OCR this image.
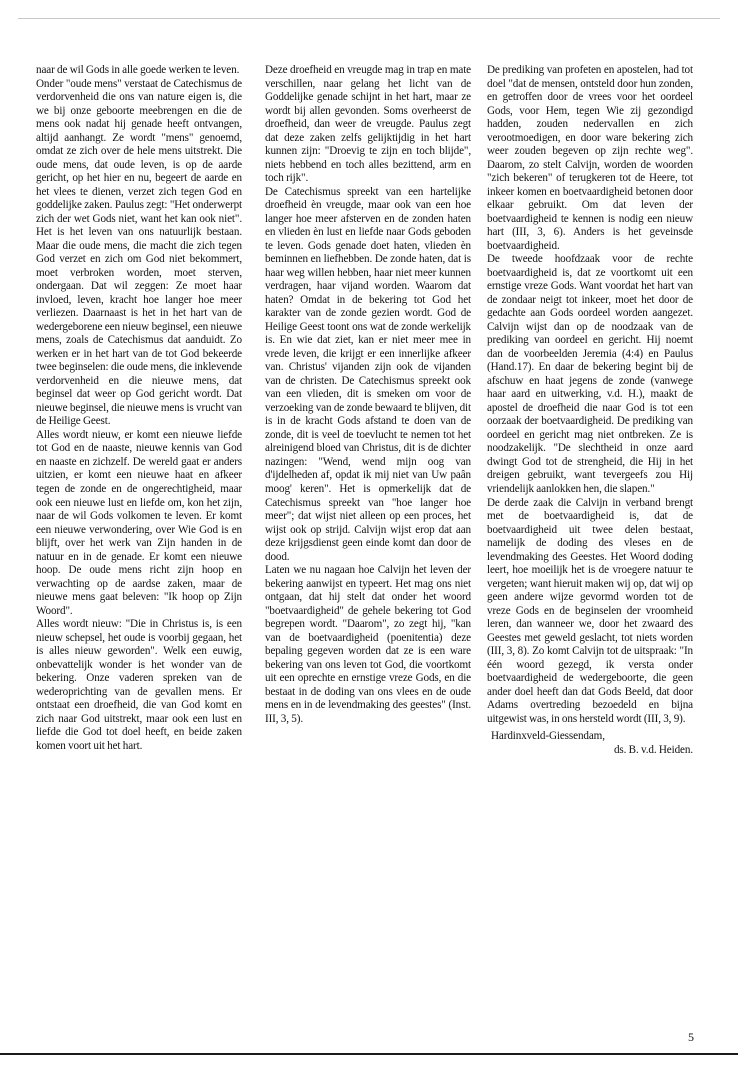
naar de wil Gods in alle goede werken te leven.

Onder "oude mens" verstaat de Catechismus de verdorvenheid die ons van nature eigen is, die we bij onze geboorte meebrengen en die de mens ook nadat hij genade heeft ontvangen, altijd aanhangt. Ze wordt "mens" genoemd, omdat ze zich over de hele mens uitstrekt. Die oude mens, dat oude leven, is op de aarde gericht, op het hier en nu, begeert de aarde en het vlees te dienen, verzet zich tegen God en goddelijke zaken. Paulus zegt: "Het onderwerpt zich der wet Gods niet, want het kan ook niet". Het is het leven van ons natuurlijk bestaan. Maar die oude mens, die macht die zich tegen God verzet en zich om God niet bekommert, moet verbroken worden, moet sterven, ondergaan. Dat wil zeggen: Ze moet haar invloed, leven, kracht hoe langer hoe meer verliezen. Daarnaast is het in het hart van de wedergeborene een nieuw beginsel, een nieuwe mens, zoals de Catechismus dat aanduidt. Zo werken er in het hart van de tot God bekeerde twee beginselen: die oude mens, die inklevende verdorvenheid en die nieuwe mens, dat beginsel dat weer op God gericht wordt. Dat nieuwe beginsel, die nieuwe mens is vrucht van de Heilige Geest.

Alles wordt nieuw, er komt een nieuwe liefde tot God en de naaste, nieuwe kennis van God en naaste en zichzelf. De wereld gaat er anders uitzien, er komt een nieuwe haat en afkeer tegen de zonde en de ongerechtigheid, maar ook een nieuwe lust en liefde om, kon het zijn, naar de wil Gods volkomen te leven. Er komt een nieuwe verwondering, over Wie God is en blijft, over het werk van Zijn handen in de natuur en in de genade. Er komt een nieuwe hoop. De oude mens richt zijn hoop en verwachting op de aardse zaken, maar de nieuwe mens gaat beleven: "Ik hoop op Zijn Woord".

Alles wordt nieuw: "Die in Christus is, is een nieuw schepsel, het oude is voorbij gegaan, het is alles nieuw geworden". Welk een euwig, onbevattelijk wonder is het wonder van de bekering. Onze vaderen spreken van de wederoprichting van de gevallen mens. Er ontstaat een droefheid, die van God komt en zich naar God uitstrekt, maar ook een lust en liefde die God tot doel heeft, en beide zaken komen voort uit het hart.

Deze droefheid en vreugde mag in trap en mate verschillen, naar gelang het licht van de Goddelijke genade schijnt in het hart, maar ze wordt bij allen gevonden. Soms overheerst de droefheid, dan weer de vreugde. Paulus zegt dat deze zaken zelfs gelijktijdig in het hart kunnen zijn: "Droevig te zijn en toch blijde", niets hebbend en toch alles bezittend, arm en toch rijk".

De Catechismus spreekt van een hartelijke droefheid èn vreugde, maar ook van een hoe langer hoe meer afsterven en de zonden haten en vlieden èn lust en liefde naar Gods geboden te leven. Gods genade doet haten, vlieden èn beminnen en liefhebben. De zonde haten, dat is haar weg willen hebben, haar niet meer kunnen verdragen, haar vijand worden. Waarom dat haten? Omdat in de bekering tot God het karakter van de zonde gezien wordt. God de Heilige Geest toont ons wat de zonde werkelijk is. En wie dat ziet, kan er niet meer mee in vrede leven, die krijgt er een innerlijke afkeer van. Christus' vijanden zijn ook de vijanden van de christen. De Catechismus spreekt ook van een vlieden, dit is smeken om voor de verzoeking van de zonde bewaard te blijven, dit is in de kracht Gods afstand te doen van de zonde, dit is veel de toevlucht te nemen tot het alreinigend bloed van Christus, dit is de dichter nazingen: "Wend, wend mijn oog van d'ijdelheden af, opdat ik mij niet van Uw paân moog' keren". Het is opmerkelijk dat de Catechismus spreekt van "hoe langer hoe meer"; dat wijst niet alleen op een proces, het wijst ook op strijd. Calvijn wijst erop dat aan deze krijgsdienst geen einde komt dan door de dood.

Laten we nu nagaan hoe Calvijn het leven der bekering aanwijst en typeert. Het mag ons niet ontgaan, dat hij stelt dat onder het woord "boetvaardigheid" de gehele bekering tot God begrepen wordt. "Daarom", zo zegt hij, "kan van de boetvaardigheid (poenitentia) deze bepaling gegeven worden dat ze is een ware bekering van ons leven tot God, die voortkomt uit een oprechte en ernstige vreze Gods, en die bestaat in de doding van ons vlees en de oude mens en in de levendmaking des geestes" (Inst. III, 3, 5).

De prediking van profeten en apostelen, had tot doel "dat de mensen, ontsteld door hun zonden, en getroffen door de vrees voor het oordeel Gods, voor Hem, tegen Wie zij gezondigd hadden, zouden nedervallen en zich verootmoedigen, en door ware bekering zich weer zouden begeven op zijn rechte weg". Daarom, zo stelt Calvijn, worden de woorden "zich bekeren" of terugkeren tot de Heere, tot inkeer komen en boetvaardigheid betonen door elkaar gebruikt. Om dat leven der boetvaardigheid te kennen is nodig een nieuw hart (III, 3, 6). Anders is het geveinsde boetvaardigheid.

De tweede hoofdzaak voor de rechte boetvaardigheid is, dat ze voortkomt uit een ernstige vreze Gods. Want voordat het hart van de zondaar neigt tot inkeer, moet het door de gedachte aan Gods oordeel worden aangezet. Calvijn wijst dan op de noodzaak van de prediking van oordeel en gericht. Hij noemt dan de voorbeelden Jeremia (4:4) en Paulus (Hand.17). En daar de bekering begint bij de afschuw en haat jegens de zonde (vanwege haar aard en uitwerking, v.d. H.), maakt de apostel de droefheid die naar God is tot een oorzaak der boetvaardigheid. De prediking van oordeel en gericht mag niet ontbreken. Ze is noodzakelijk. "De slechtheid in onze aard dwingt God tot de strengheid, die Hij in het dreigen gebruikt, want tevergeefs zou Hij vriendelijk aanlokken hen, die slapen."

De derde zaak die Calvijn in verband brengt met de boetvaardigheid is, dat de boetvaardigheid uit twee delen bestaat, namelijk de doding des vleses en de levendmaking des Geestes. Het Woord doding leert, hoe moeilijk het is de vroegere natuur te vergeten; want hieruit maken wij op, dat wij op geen andere wijze gevormd worden tot de vreze Gods en de beginselen der vroomheid leren, dan wanneer we, door het zwaard des Geestes met geweld geslacht, tot niets worden (III, 3, 8). Zo komt Calvijn tot de uitspraak: "In één woord gezegd, ik versta onder boetvaardigheid de wedergeboorte, die geen ander doel heeft dan dat Gods Beeld, dat door Adams overtreding bezoedeld en bijna uitgewist was, in ons hersteld wordt (III, 3, 9).

Hardinxveld-Giessendam,

ds. B. v.d. Heiden.

5
